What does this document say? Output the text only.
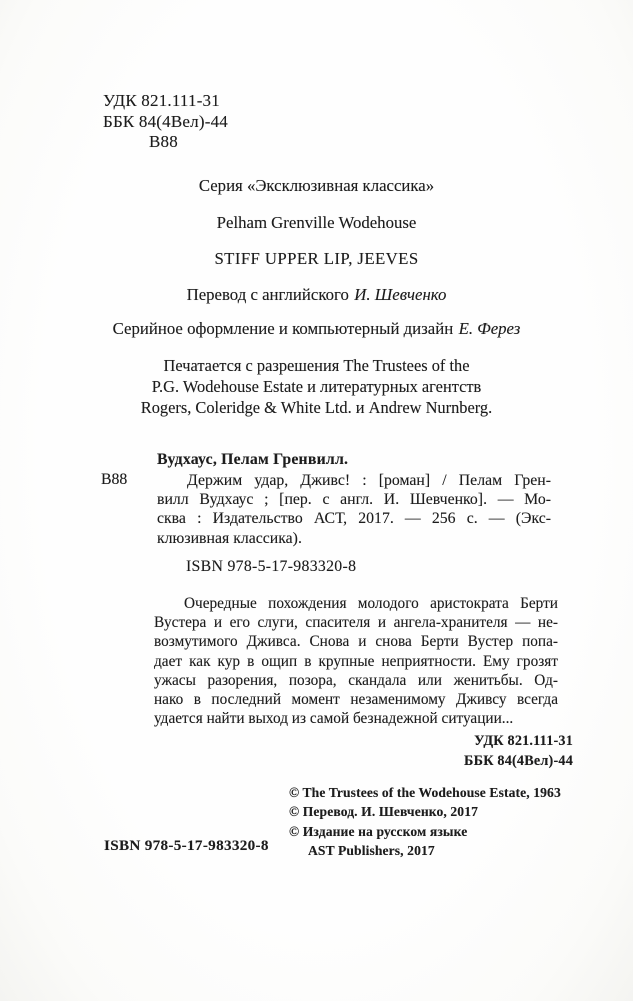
УДК 821.111-31
ББК 84(4Вел)-44
В88
Серия «Эксклюзивная классика»
Pelham Grenville Wodehouse
STIFF UPPER LIP, JEEVES
Перевод с английского И. Шевченко
Серийное оформление и компьютерный дизайн Е. Ферез
Печатается с разрешения The Trustees of the
P.G. Wodehouse Estate и литературных агентств
Rogers, Coleridge & White Ltd. и Andrew Nurnberg.
Вудхаус, Пелам Гренвилл.
В88	Держим удар, Дживс! : [роман] / Пелам Грен-
вилл Вудхаус ; [пер. с англ. И. Шевченко]. — Мо-
сква : Издательство АСТ, 2017. — 256 с. — (Экс-
клюзивная классика).
ISBN 978-5-17-983320-8
Очередные похождения молодого аристократа Берти
Вустера и его слуги, спасителя и ангела-хранителя — не-
возмутимого Дживса. Снова и снова Берти Вустер попа-
дает как кур в ощип в крупные неприятности. Ему грозят
ужасы разорения, позора, скандала или женитьбы. Од-
нако в последний момент незаменимому Дживсу всегда
удается найти выход из самой безнадежной ситуации...
УДК 821.111-31
ББК 84(4Вел)-44
© The Trustees of the Wodehouse Estate, 1963
© Перевод. И. Шевченко, 2017
© Издание на русском языке
AST Publishers, 2017
ISBN 978-5-17-983320-8
